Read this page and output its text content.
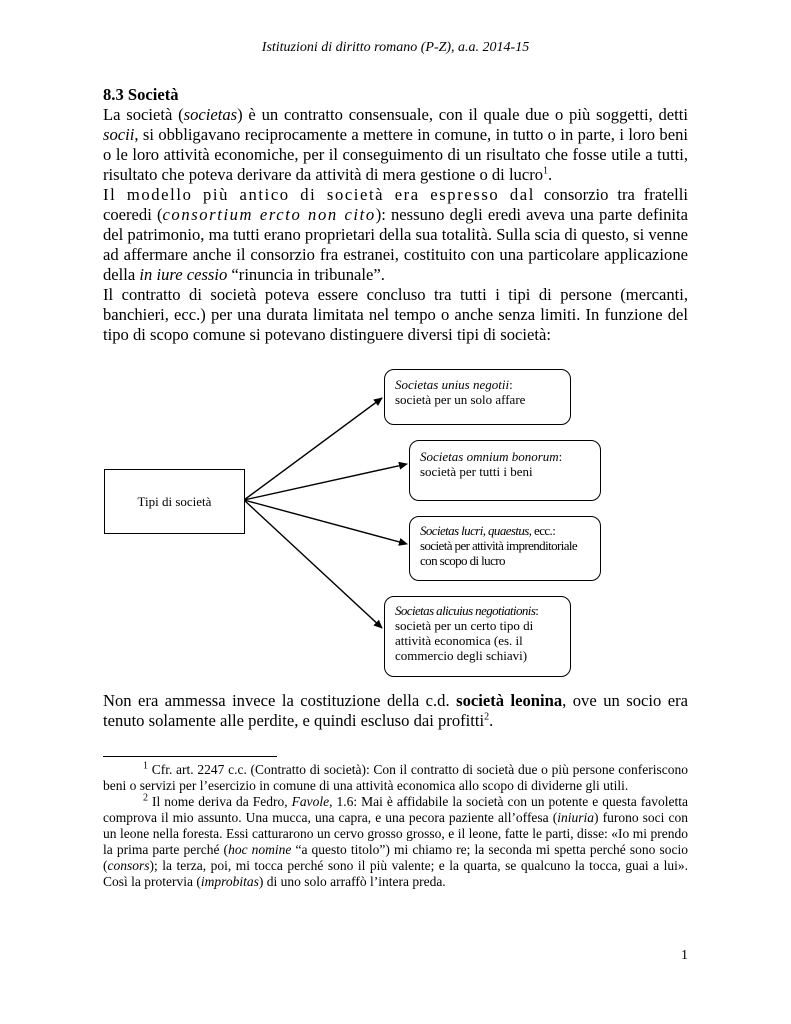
Istituzioni di diritto romano (P-Z), a.a. 2014-15

8.3 Società

La società (societas) è un contratto consensuale, con il quale due o più soggetti, detti socii, si obbligavano reciprocamente a mettere in comune, in tutto o in parte, i loro beni o le loro attività economiche, per il conseguimento di un risultato che fosse utile a tutti, risultato che poteva derivare da attività di mera gestione o di lucro$^1$.

Il modello più antico di società era espresso dal consorzio tra fratelli coeredi (consortium ercto non cito): nessuno degli eredi aveva una parte definita del patrimonio, ma tutti erano proprietari della sua totalità. Sulla scia di questo, si venne ad affermare anche il consorzio fra estranei, costituito con una particolare applicazione della in iure cessio “rinuncia in tribunale”.

Il contratto di società poteva essere concluso tra tutti i tipi di persone (mercanti, banchieri, ecc.) per una durata limitata nel tempo o anche senza limiti. In funzione del tipo di scopo comune si potevano distinguere diversi tipi di società:

Tipi di società
Societas unius negotii:
società per un solo affare
Societas omnium bonorum:
società per tutti i beni
Societas lucri, quaestus, ecc.:
società per attività imprenditoriale con scopo di lucro
Societas alicuius negotiationis:
società per un certo tipo di attività economica (es. il commercio degli schiavi)
Non era ammessa invece la costituzione della c.d. società leonina, ove un socio era tenuto solamente alle perdite, e quindi escluso dai profitti$^2$.

$^1$ Cfr. art. 2247 c.c. (Contratto di società): Con il contratto di società due o più persone conferiscono beni o servizi per l’esercizio in comune di una attività economica allo scopo di dividerne gli utili.

$^2$ Il nome deriva da Fedro, Favole, 1.6: Mai è affidabile la società con un potente e questa favoletta comprova il mio assunto. Una mucca, una capra, e una pecora paziente all’offesa (iniuria) furono soci con un leone nella foresta. Essi catturarono un cervo grosso grosso, e il leone, fatte le parti, disse: «Io mi prendo la prima parte perché (hoc nomine “a questo titolo”) mi chiamo re; la seconda mi spetta perché sono socio (consors); la terza, poi, mi tocca perché sono il più valente; e la quarta, se qualcuno la tocca, guai a lui». Così la protervia (improbitas) di uno solo arraffò l’intera preda.

1
